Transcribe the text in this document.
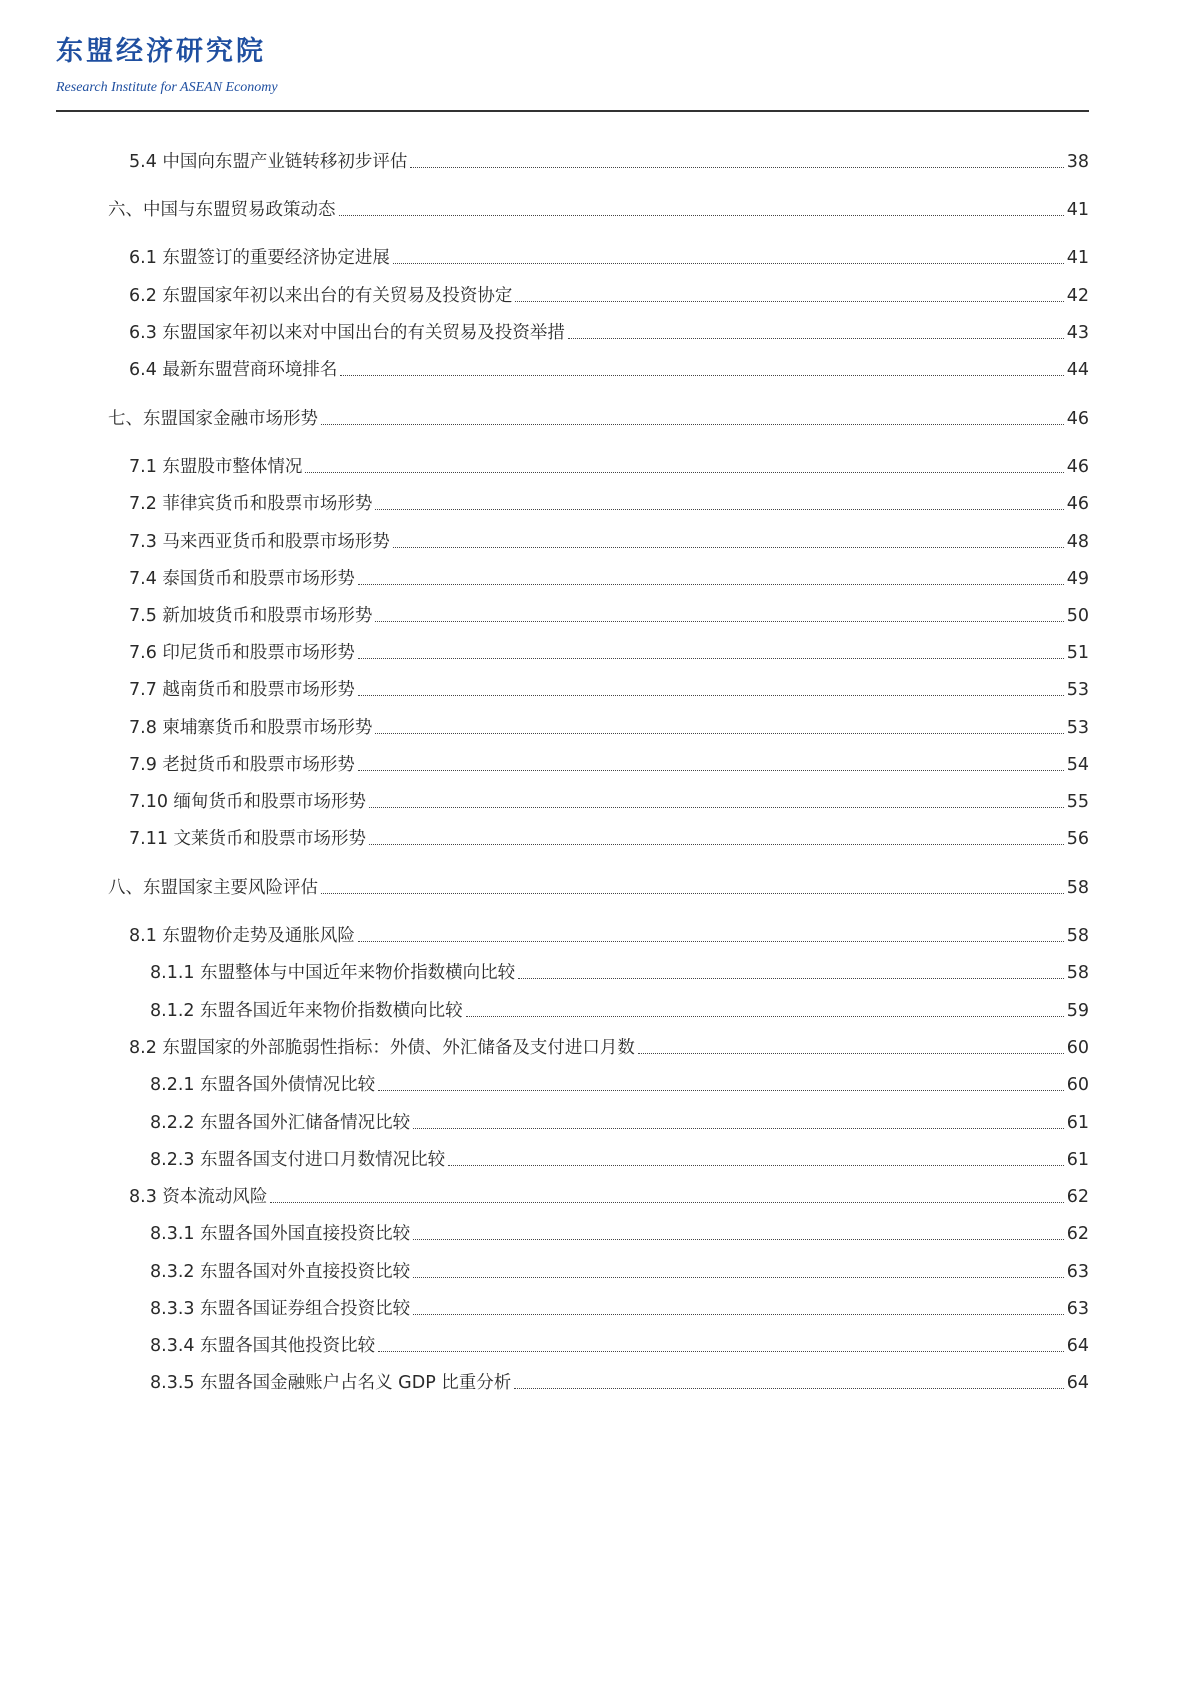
东盟经济研究院
Research Institute for ASEAN Economy
5.4 中国向东盟产业链转移初步评估	38
六、中国与东盟贸易政策动态	41
6.1 东盟签订的重要经济协定进展	41
6.2 东盟国家年初以来出台的有关贸易及投资协定	42
6.3 东盟国家年初以来对中国出台的有关贸易及投资举措	43
6.4 最新东盟营商环境排名	44
七、东盟国家金融市场形势	46
7.1 东盟股市整体情况	46
7.2 菲律宾货币和股票市场形势	46
7.3 马来西亚货币和股票市场形势	48
7.4 泰国货币和股票市场形势	49
7.5 新加坡货币和股票市场形势	50
7.6 印尼货币和股票市场形势	51
7.7 越南货币和股票市场形势	53
7.8 柬埔寨货币和股票市场形势	53
7.9 老挝货币和股票市场形势	54
7.10 缅甸货币和股票市场形势	55
7.11 文莱货币和股票市场形势	56
八、东盟国家主要风险评估	58
8.1 东盟物价走势及通胀风险	58
8.1.1 东盟整体与中国近年来物价指数横向比较	58
8.1.2 东盟各国近年来物价指数横向比较	59
8.2 东盟国家的外部脆弱性指标：外债、外汇储备及支付进口月数	60
8.2.1 东盟各国外债情况比较	60
8.2.2 东盟各国外汇储备情况比较	61
8.2.3 东盟各国支付进口月数情况比较	61
8.3 资本流动风险	62
8.3.1 东盟各国外国直接投资比较	62
8.3.2 东盟各国对外直接投资比较	63
8.3.3 东盟各国证券组合投资比较	63
8.3.4 东盟各国其他投资比较	64
8.3.5 东盟各国金融账户占名义 GDP 比重分析	64
